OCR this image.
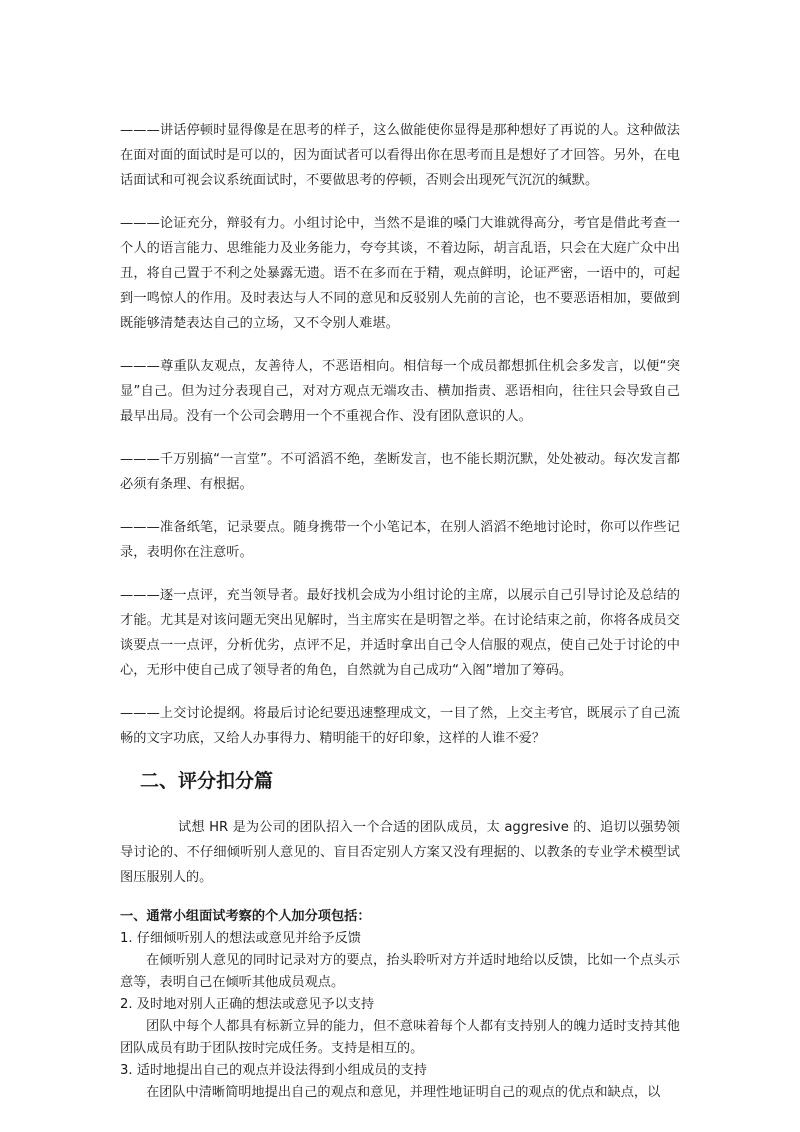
———讲话停顿时显得像是在思考的样子，这么做能使你显得是那种想好了再说的人。这种做法在面对面的面试时是可以的，因为面试者可以看得出你在思考而且是想好了才回答。另外，在电话面试和可视会议系统面试时，不要做思考的停顿，否则会出现死气沉沉的缄默。

———论证充分，辩驳有力。小组讨论中，当然不是谁的嗓门大谁就得高分，考官是借此考查一个人的语言能力、思维能力及业务能力，夸夸其谈，不着边际，胡言乱语，只会在大庭广众中出丑，将自己置于不利之处暴露无遗。语不在多而在于精，观点鲜明，论证严密，一语中的，可起到一鸣惊人的作用。及时表达与人不同的意见和反驳别人先前的言论，也不要恶语相加，要做到既能够清楚表达自己的立场，又不令别人难堪。

———尊重队友观点，友善待人，不恶语相向。相信每一个成员都想抓住机会多发言，以便“突显”自己。但为过分表现自己，对对方观点无端攻击、横加指责、恶语相向，往往只会导致自己最早出局。没有一个公司会聘用一个不重视合作、没有团队意识的人。

———千万别搞“一言堂”。不可滔滔不绝，垄断发言，也不能长期沉默，处处被动。每次发言都必须有条理、有根据。

———准备纸笔，记录要点。随身携带一个小笔记本，在别人滔滔不绝地讨论时，你可以作些记录，表明你在注意听。

———逐一点评，充当领导者。最好找机会成为小组讨论的主席，以展示自己引导讨论及总结的才能。尤其是对该问题无突出见解时，当主席实在是明智之举。在讨论结束之前，你将各成员交谈要点一一点评，分析优劣，点评不足，并适时拿出自己令人信服的观点，使自己处于讨论的中心，无形中使自己成了领导者的角色，自然就为自己成功“入阁”增加了筹码。

———上交讨论提纲。将最后讨论纪要迅速整理成文，一目了然，上交主考官，既展示了自己流畅的文字功底，又给人办事得力、精明能干的好印象，这样的人谁不爱？

二、评分扣分篇

试想 HR 是为公司的团队招入一个合适的团队成员，太 aggresive 的、追切以强势领导讨论的、不仔细倾听别人意见的、盲目否定别人方案又没有理据的、以教条的专业学术模型试图压服别人的。

一、通常小组面试考察的个人加分项包括：

1. 仔细倾听别人的想法或意见并给予反馈

在倾听别人意见的同时记录对方的要点，抬头聆听对方并适时地给以反馈，比如一个点头示意等，表明自己在倾听其他成员观点。

2. 及时地对别人正确的想法或意见予以支持

团队中每个人都具有标新立异的能力，但不意味着每个人都有支持别人的魄力适时支持其他团队成员有助于团队按时完成任务。支持是相互的。

3. 适时地提出自己的观点并设法得到小组成员的支持

在团队中清晰简明地提出自己的观点和意见，并理性地证明自己的观点的优点和缺点，以
